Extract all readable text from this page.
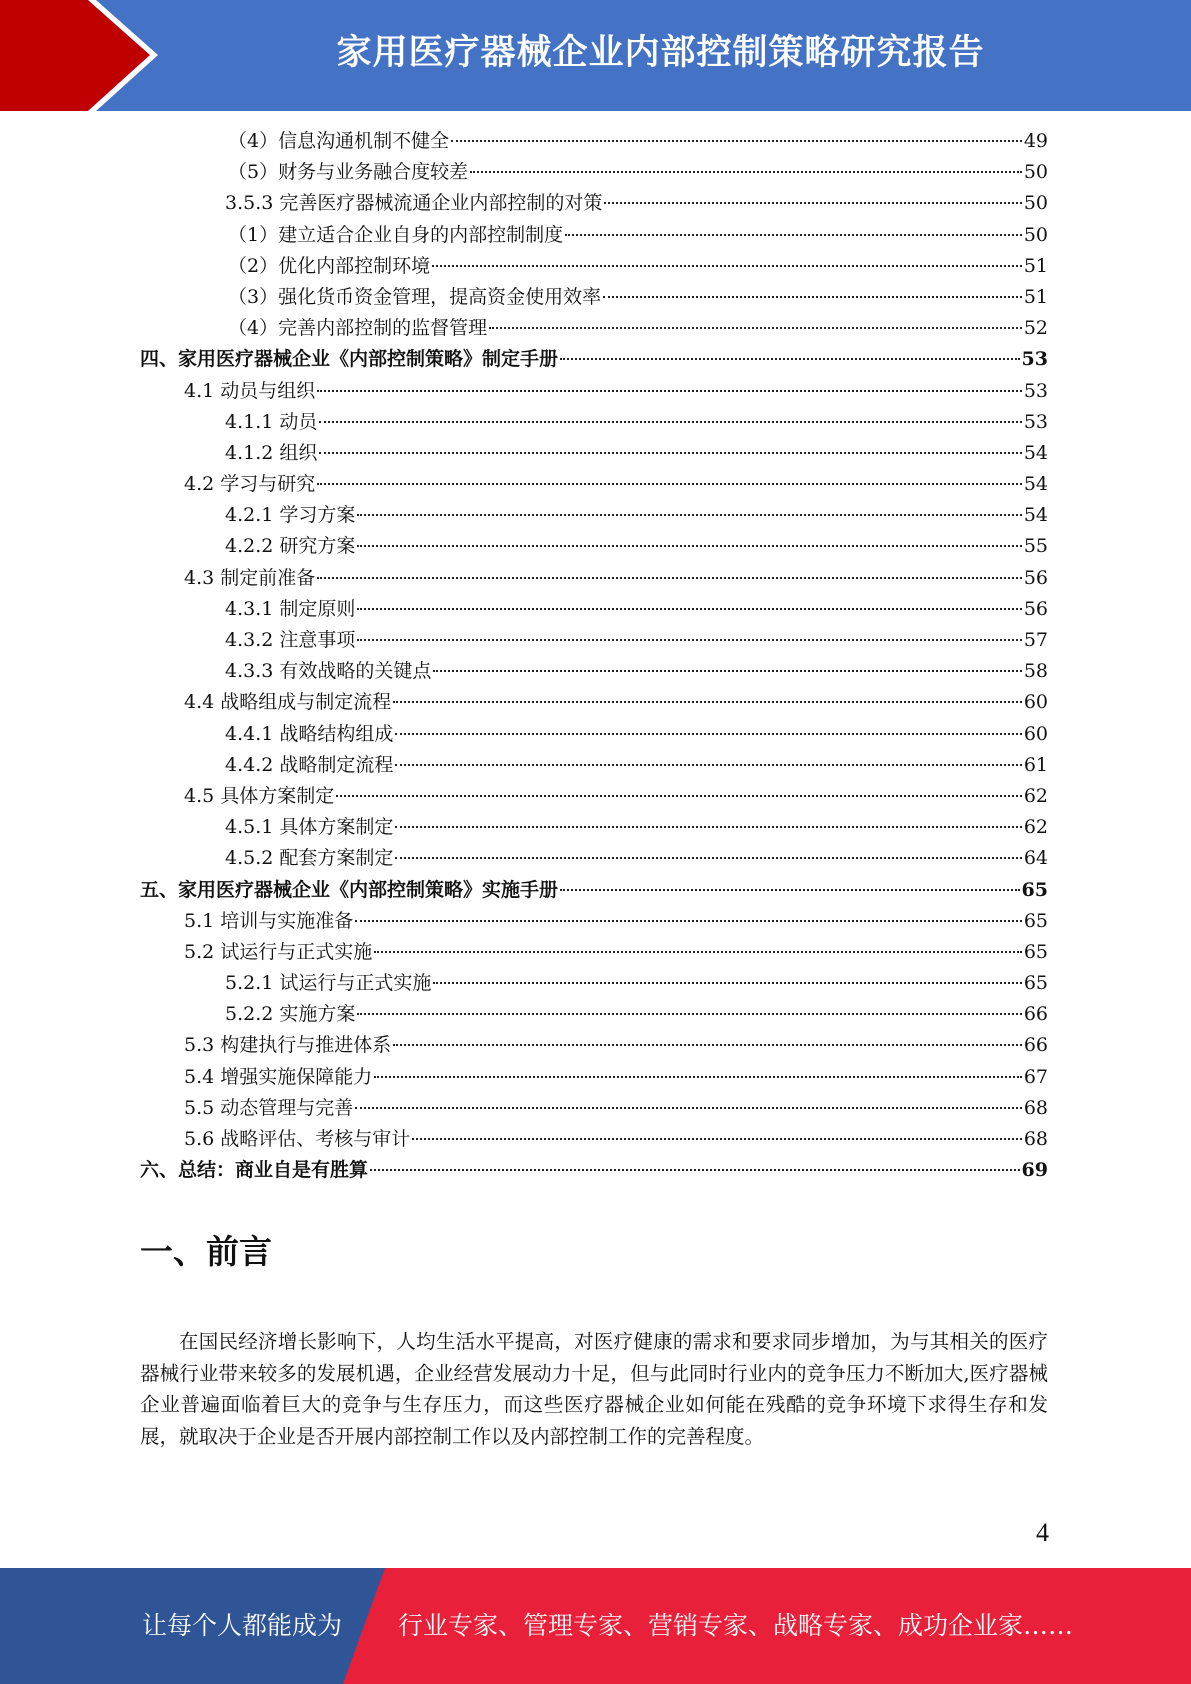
家用医疗器械企业内部控制策略研究报告
（4）信息沟通机制不健全	49
（5）财务与业务融合度较差	50
3.5.3 完善医疗器械流通企业内部控制的对策	50
（1）建立适合企业自身的内部控制制度	50
（2）优化内部控制环境	51
（3）强化货币资金管理，提高资金使用效率	51
（4）完善内部控制的监督管理	52
四、家用医疗器械企业《内部控制策略》制定手册	53
4.1 动员与组织	53
4.1.1 动员	53
4.1.2 组织	54
4.2 学习与研究	54
4.2.1 学习方案	54
4.2.2 研究方案	55
4.3 制定前准备	56
4.3.1 制定原则	56
4.3.2 注意事项	57
4.3.3 有效战略的关键点	58
4.4 战略组成与制定流程	60
4.4.1 战略结构组成	60
4.4.2 战略制定流程	61
4.5 具体方案制定	62
4.5.1 具体方案制定	62
4.5.2 配套方案制定	64
五、家用医疗器械企业《内部控制策略》实施手册	65
5.1 培训与实施准备	65
5.2 试运行与正式实施	65
5.2.1 试运行与正式实施	65
5.2.2 实施方案	66
5.3 构建执行与推进体系	66
5.4 增强实施保障能力	67
5.5 动态管理与完善	68
5.6 战略评估、考核与审计	68
六、总结：商业自是有胜算	69
一、前言
在国民经济增长影响下，人均生活水平提高，对医疗健康的需求和要求同步增加，为与其相关的医疗器械行业带来较多的发展机遇，企业经营发展动力十足，但与此同时行业内的竞争压力不断加大,医疗器械企业普遍面临着巨大的竞争与生存压力，而这些医疗器械企业如何能在残酷的竞争环境下求得生存和发展，就取决于企业是否开展内部控制工作以及内部控制工作的完善程度。
4
让每个人都能成为 行业专家、管理专家、营销专家、战略专家、成功企业家……
